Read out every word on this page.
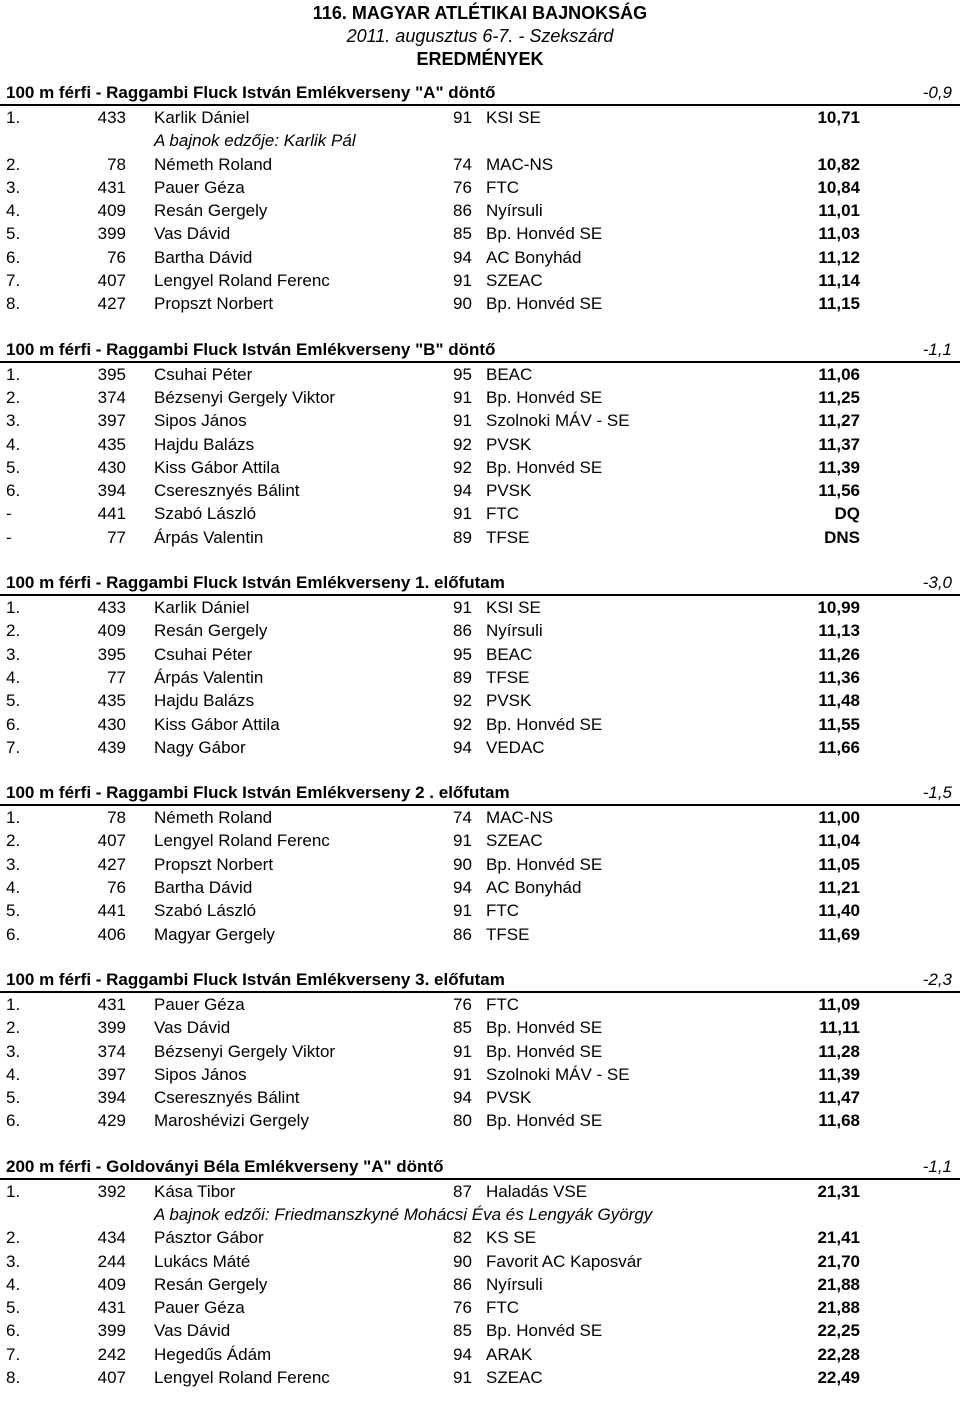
116. MAGYAR ATLÉTIKAI BAJNOKSÁG
2011. augusztus 6-7. - Szekszárd
EREDMÉNYEK
100 m férfi - Raggambi Fluck István Emlékverseny "A" döntő	-0,9
1.	433 Karlik Dániel	91 KSI SE	10,71
A bajnok edzője: Karlik Pál
2.	78 Németh Roland	74 MAC-NS	10,82
3.	431 Pauer Géza	76 FTC	10,84
4.	409 Resán Gergely	86 Nyírsuli	11,01
5.	399 Vas Dávid	85 Bp. Honvéd SE	11,03
6.	76 Bartha Dávid	94 AC Bonyhád	11,12
7.	407 Lengyel Roland Ferenc	91 SZEAC	11,14
8.	427 Propszt Norbert	90 Bp. Honvéd SE	11,15
100 m férfi - Raggambi Fluck István Emlékverseny "B" döntő	-1,1
1.	395 Csuhai Péter	95 BEAC	11,06
2.	374 Bézsenyi Gergely Viktor	91 Bp. Honvéd SE	11,25
3.	397 Sipos János	91 Szolnoki MÁV - SE	11,27
4.	435 Hajdu Balázs	92 PVSK	11,37
5.	430 Kiss Gábor Attila	92 Bp. Honvéd SE	11,39
6.	394 Cseresznyés Bálint	94 PVSK	11,56
-	441 Szabó László	91 FTC	DQ
-	77 Árpás Valentin	89 TFSE	DNS
100 m férfi - Raggambi Fluck István Emlékverseny 1. előfutam	-3,0
1.	433 Karlik Dániel	91 KSI SE	10,99
2.	409 Resán Gergely	86 Nyírsuli	11,13
3.	395 Csuhai Péter	95 BEAC	11,26
4.	77 Árpás Valentin	89 TFSE	11,36
5.	435 Hajdu Balázs	92 PVSK	11,48
6.	430 Kiss Gábor Attila	92 Bp. Honvéd SE	11,55
7.	439 Nagy Gábor	94 VEDAC	11,66
100 m férfi - Raggambi Fluck István Emlékverseny 2 . előfutam	-1,5
1.	78 Németh Roland	74 MAC-NS	11,00
2.	407 Lengyel Roland Ferenc	91 SZEAC	11,04
3.	427 Propszt Norbert	90 Bp. Honvéd SE	11,05
4.	76 Bartha Dávid	94 AC Bonyhád	11,21
5.	441 Szabó László	91 FTC	11,40
6.	406 Magyar Gergely	86 TFSE	11,69
100 m férfi - Raggambi Fluck István Emlékverseny 3. előfutam	-2,3
1.	431 Pauer Géza	76 FTC	11,09
2.	399 Vas Dávid	85 Bp. Honvéd SE	11,11
3.	374 Bézsenyi Gergely Viktor	91 Bp. Honvéd SE	11,28
4.	397 Sipos János	91 Szolnoki MÁV - SE	11,39
5.	394 Cseresznyés Bálint	94 PVSK	11,47
6.	429 Maroshévizi Gergely	80 Bp. Honvéd SE	11,68
200 m férfi - Goldoványi Béla Emlékverseny "A" döntő	-1,1
1.	392 Kása Tibor	87 Haladás VSE	21,31
A bajnok edzői: Friedmanszkyné Mohácsi Éva és Lengyák György
2.	434 Pásztor Gábor	82 KS SE	21,41
3.	244 Lukács Máté	90 Favorit AC Kaposvár	21,70
4.	409 Resán Gergely	86 Nyírsuli	21,88
5.	431 Pauer Géza	76 FTC	21,88
6.	399 Vas Dávid	85 Bp. Honvéd SE	22,25
7.	242 Hegedűs Ádám	94 ARAK	22,28
8.	407 Lengyel Roland Ferenc	91 SZEAC	22,49
